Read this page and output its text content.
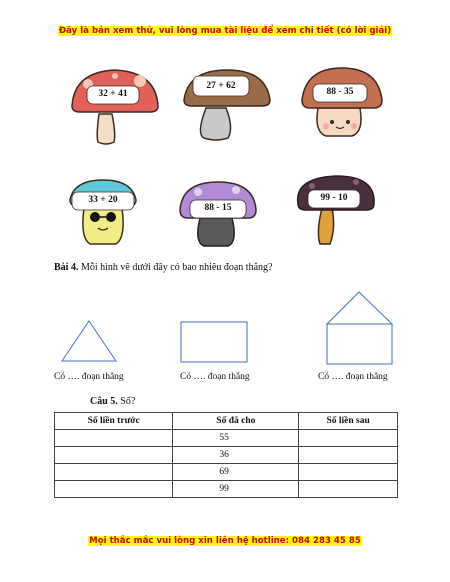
Đây là bản xem thử, vui lòng mua tài liệu để xem chi tiết (có lời giải)
32 + 41
27 + 62
88 - 35
33 + 20
88 - 15
99 - 10
Bài 4. Mỗi hình vẽ dưới đây có bao nhiêu đoạn thẳng?
Có …. đoạn thẳng	Có …. đoạn thẳng	Có …. đoạn thẳng
Câu 5. Số?
Số liền trước	Số đã cho	Số liền sau
	55	
	36	
	69	
	99	
Mọi thắc mắc vui lòng xin liên hệ hotline: 084 283 45 85
